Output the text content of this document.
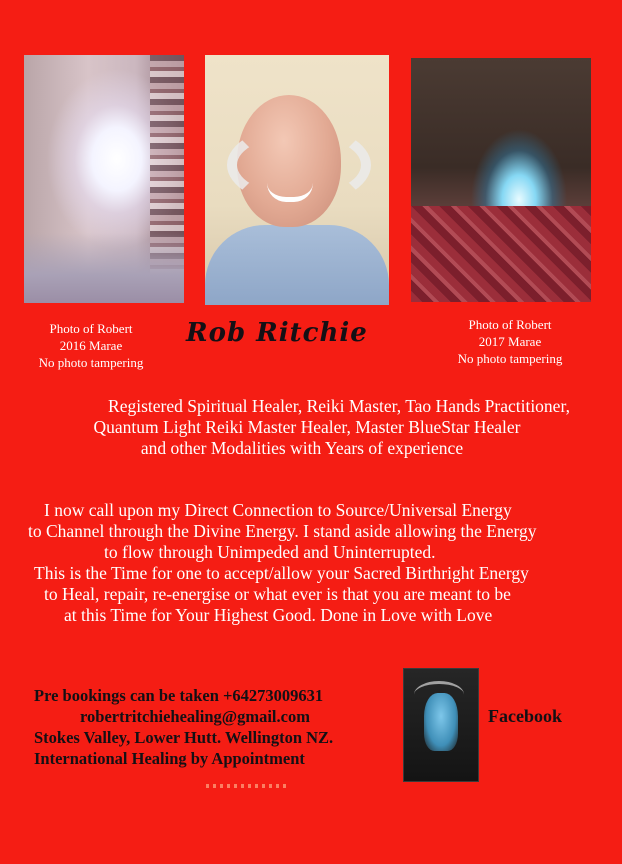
Photo of Robert
2016 Marae
No photo tampering
Rob Ritchie	Photo of Robert
2017 Marae
No photo tampering
Registered Spiritual Healer, Reiki Master, Tao Hands Practitioner,
Quantum Light Reiki Master Healer, Master BlueStar Healer
and other Modalities with Years of experience
I now call upon my Direct Connection to Source/Universal Energy
to Channel through the Divine Energy. I stand aside allowing the Energy
to flow through Unimpeded and Uninterrupted.
This is the Time for one to accept/allow your Sacred Birthright Energy
to Heal, repair, re-energise or what ever is that you are meant to be
at this Time for Your Highest Good. Done in Love with Love
Pre bookings can be taken +64273009631
robertritchiehealing@gmail.com
Stokes Valley, Lower Hutt. Wellington NZ.
International Healing by Appointment
Facebook
